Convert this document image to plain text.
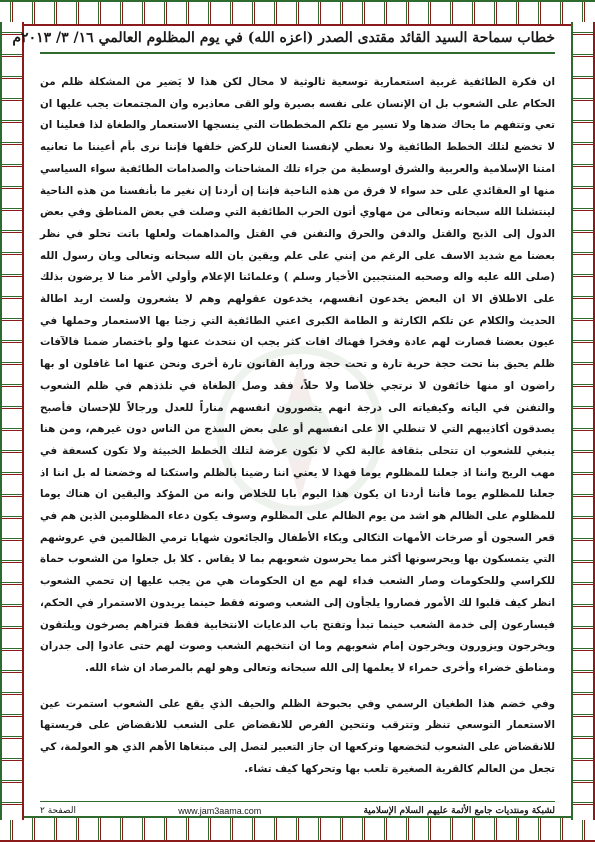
خطاب سماحة السيد القائد مقتدى الصدر (اعزه الله) في يوم المظلوم العالمي ١٦/ ٣/ ٢٠١٣م

ان فكرة الطائفية غربية استعمارية توسعية ثالوثية لا محال لكن هذا لا يَضير من المشكلة ظلم من الحكام على الشعوب بل ان الإنسان على نفسه بصيرة ولو القى معاذيره وان المجتمعات يجب عليها ان تعي وتتفهم ما يحاك ضدها ولا تسير مع تلكم المخططات التي ينسجها الاستعمار والطغاة لذا فعلينا ان لا تخضع لتلك الخطط الطائفية ولا نعطي لإنفسنا العنان للركض خلفها فإننا نرى بأم أعيننا ما تعانيه امتنا الإسلامية والعربية والشرق اوسطية من جراء تلك المشاحنات والصدامات الطائفية سواء السياسي منها او العقائدي على حد سواء لا فرق من هذه الناحية فإننا إن أردنا إن نغير ما بأنفسنا من هذه الناحية لينتشلنا الله سبحانه وتعالى من مهاوي أتون الحرب الطائفية التي وصلت في بعض المناطق وفي بعض الدول إلى الذبح والقتل والدفن والحرق والتفنن في القتل والمداهمات ولعلها باتت تحلو في نظر بعضنا مع شديد الاسف على الرغم من إنني على علم ويقين بان الله سبحانه وتعالى وبان رسول الله (صلى الله عليه واله وصحبه المنتجبين الأخيار وسلم ) وعلمائنا الإعلام وأولي الأمر منا لا يرضون بذلك على الاطلاق الا ان البعض يخدعون انفسهم، يخدعون عقولهم وهم لا يشعرون ولست اريد اطالة الحديث والكلام عن تلكم الكارثة و الطامة الكبرى اعني الطائفية التي زجنا بها الاستعمار وحملها في عيون بعضنا فصارت لهم عادة وفخرا فهناك افات كثر يجب ان نتحدث عنها ولو باختصار ضمنا فالآفات ظلم يحيق بنا تحت حجة حرية تارة و تحت حجة وراية القانون تارة أخرى ونحن عنها اما غافلون او بها راضون او منها خائفون لا نرتجي خلاصا ولا حلاً، فقد وصل الطغاة في تلذذهم في ظلم الشعوب والتفنن في الياته وكيفياته الى درجة انهم يتصورون انفسهم مناراً للعدل ورجالاً للإحسان فأصبح يصدقون أكاذيبهم التي لا تنطلي الا على انفسهم أو على بعض السذج من الناس دون غيرهم، ومن هنا ينبغي للشعوب ان تتحلى بثقافة عالية لكي لا تكون عرضة لتلك الخطط الخبيثة ولا تكون كسعفة في مهب الريح واننا اذ جعلنا للمظلوم يوما فهذا لا يعني اننا رضينا بالظلم واستكنا له وخضعنا له بل اننا اذ جعلنا للمظلوم يوما فأننا أردنا ان يكون هذا اليوم بابا للخلاص وانه من المؤكد واليقين ان هناك يوما للمظلوم على الظالم هو اشد من يوم الظالم على المظلوم وسوف يكون دعاء المظلومين الذين هم في قعر السجون أو صرخات الأمهات الثكالى وبكاء الأطفال والجائعون شهابا ترمي الظالمين في عروشهم التي يتمسكون بها ويحرسونها أكثر مما يحرسون شعوبهم بما لا يقاس . كلا بل جعلوا من الشعوب حماة للكراسي وللحكومات وصار الشعب فداء لهم مع ان الحكومات هي من يجب عليها إن تحمي الشعوب انظر كيف قلبوا لك الأمور فصاروا يلجأون إلى الشعب وصوته فقط حينما يريدون الاستمرار في الحكم، فيسارعون إلى خدمة الشعب حينما تبدأ وتفتح باب الدعايات الانتخابية فقط فتراهم يصرخون ويلتقون ويخرجون ويزورون ويخرجون إمام شعوبهم وما ان انتخبهم الشعب وصوت لهم حتى عادوا إلى جدران ومناطق خضراء وأخرى حمراء لا يعلمها إلى الله سبحانه وتعالى وهو لهم بالمرصاد ان شاء الله.

وفي خضم هذا الطغيان الرسمي وفي بحبوحة الظلم والحيف الذي يقع على الشعوب استمرت عين الاستعمار التوسعي تنظر وتترقب وتتحين الفرص للانقضاض على الشعب للانقضاض على فريستها للانقضاض على الشعوب لتخضعها وتركعها ان جاز التعبير لتصل إلى مبتغاها الأهم الذي هو العولمة، كي تجعل من العالم كالقرية الصغيرة تلعب بها وتحركها كيف تشاء.

الصفحة ٢	www.jam3aama.com	لشبكة ومنتديات جامع الأئمة عليهم السلام الإسلامية
